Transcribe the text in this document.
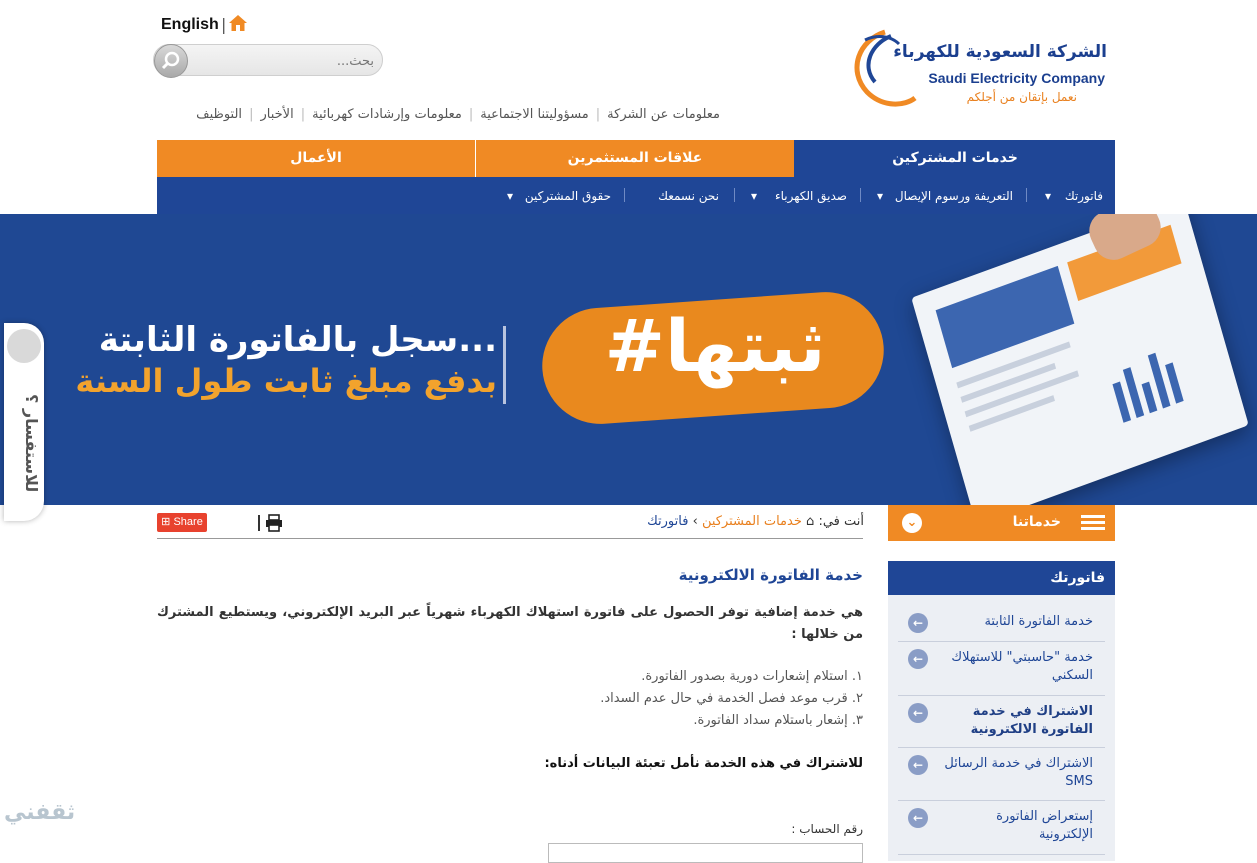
English |
بحث...
الشركة السعودية للكهرباء
Saudi Electricity Company
نعمل بإتقان من أجلكم
معلومات عن الشركة
|
مسؤوليتنا الاجتماعية
|
معلومات وإرشادات كهربائية
|
الأخبار
|
التوظيف
الأعمال	علاقات المستثمرين	خدمات المشتركين
فاتورتك
▾
التعريفة ورسوم الإيصال
▾
صديق الكهرباء
▾
نحن نسمعك
حقوق المشتركين
▾
سجل بالفاتورة الثابتة...
بدفع مبلغ ثابت طول السنة	#ثبتها
للاستفسار ؟
⊞ Share	أنت في: ⌂ خدمات المشتركين › فاتورتك
خدمة الفاتورة الالكترونية
هي خدمة إضافية توفر الحصول على فاتورة استهلاك الكهرباء شهرياً عبر البريد الإلكتروني، ويستطيع المشترك من خلالها :
١. استلام إشعارات دورية بصدور الفاتورة.
٢. قرب موعد فصل الخدمة في حال عدم السداد.
٣. إشعار باستلام سداد الفاتورة.
للاشتراك في هذه الخدمة نأمل تعبئة البيانات أدناه:
رقم الحساب :
⌄	خدماتنا
فاتورتك
←	خدمة الفاتورة الثابتة
←	خدمة "حاسبتي" للاستهلاك السكني
←	الاشتراك في خدمة الفاتورة الالكترونية
←	الاشتراك في خدمة الرسائل SMS
←	إستعراض الفاتورة الإلكترونية
ثقفني
